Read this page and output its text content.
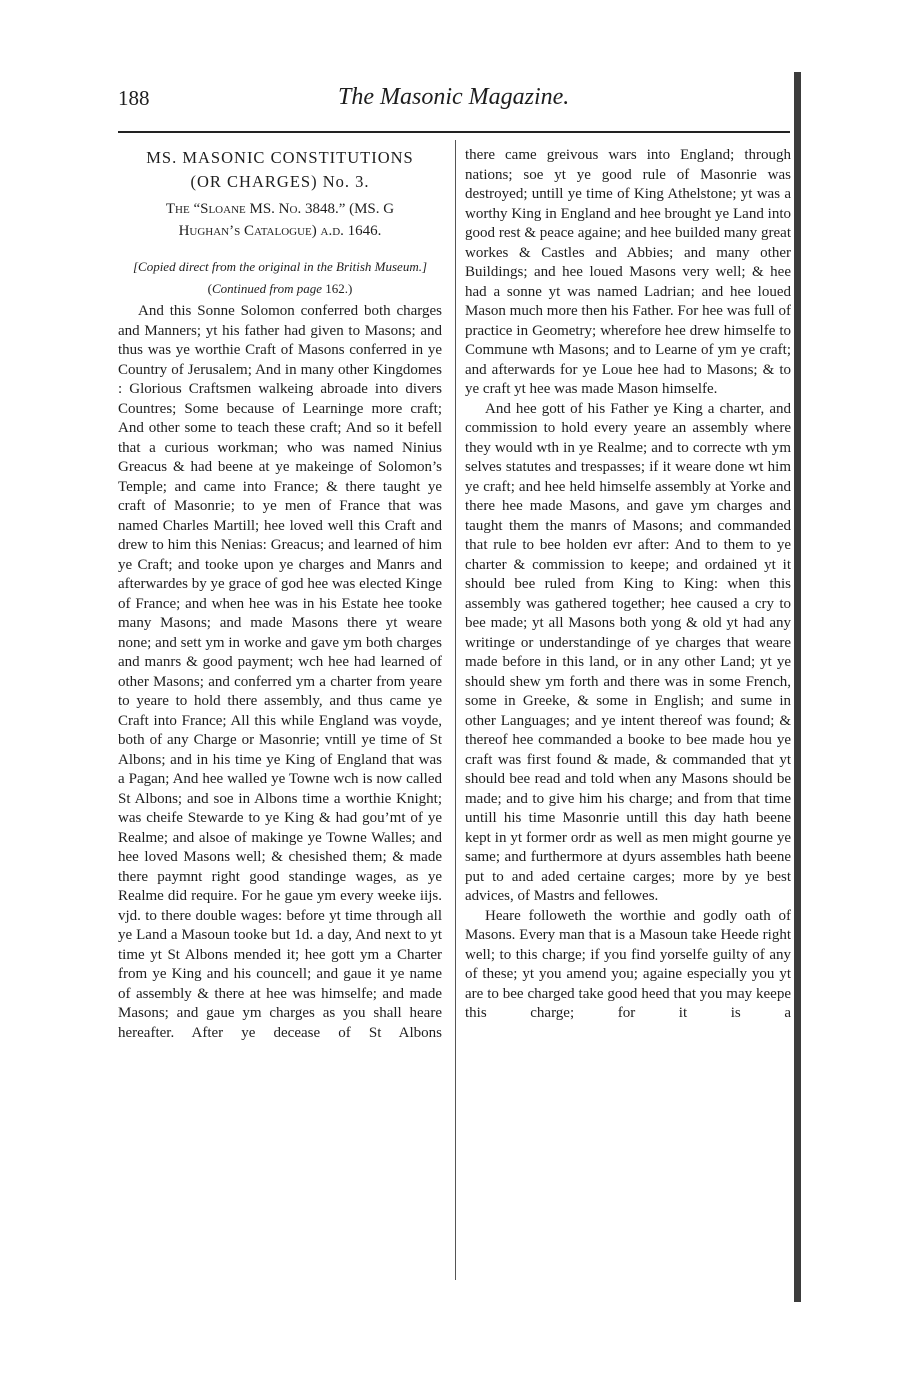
188	The Masonic Magazine.
MS. MASONIC CONSTITUTIONS
(OR CHARGES) No. 3.

The “Sloane MS. No. 3848.” (MS. G
Hughan’s Catalogue) a.d. 1646.

[Copied direct from the original in the British Museum.]

(Continued from page 162.)

And this Sonne Solomon conferred both charges and Manners; yt his father had given to Masons; and thus was ye worthie Craft of Masons conferred in ye Country of Jerusalem; And in many other Kingdomes : Glorious Craftsmen walkeing abroade into divers Countres; Some because of Learninge more craft; And other some to teach these craft; And so it befell that a curious workman; who was named Ninius Greacus & had beene at ye makeinge of Solomon’s Temple; and came into France; & there taught ye craft of Masonrie; to ye men of France that was named Charles Martill; hee loved well this Craft and drew to him this Nenias: Greacus; and learned of him ye Craft; and tooke upon ye charges and Manrs and afterwardes by ye grace of god hee was elected Kinge of France; and when hee was in his Estate hee tooke many Masons; and made Masons there yt weare none; and sett ym in worke and gave ym both charges and manrs & good payment; wch hee had learned of other Masons; and conferred ym a charter from yeare to yeare to hold there assembly, and thus came ye Craft into France; All this while England was voyde, both of any Charge or Masonrie; vntill ye time of St Albons; and in his time ye King of England that was a Pagan; And hee walled ye Towne wch is now called St Albons; and soe in Albons time a worthie Knight; was cheife Stewarde to ye King & had gou’mt of ye Realme; and alsoe of makinge ye Towne Walles; and hee loved Masons well; & chesished them; & made there paymnt right good standinge wages, as ye Realme did require. For he gaue ym every weeke iijs. vjd. to there double wages: before yt time through all ye Land a Masoun tooke but 1d. a day, And next to yt time yt St Albons mended it; hee gott ym a Charter from ye King and his councell; and gaue it ye name of assembly & there at hee was himselfe; and made Masons; and gaue ym charges as you shall heare hereafter. After ye decease of St Albons

there came greivous wars into England; through nations; soe yt ye good rule of Masonrie was destroyed; untill ye time of King Athelstone; yt was a worthy King in England and hee brought ye Land into good rest & peace againe; and hee builded many great workes & Castles and Abbies; and many other Buildings; and hee loued Masons very well; & hee had a sonne yt was named Ladrian; and hee loued Mason much more then his Father. For hee was full of practice in Geometry; wherefore hee drew himselfe to Commune wth Masons; and to Learne of ym ye craft; and afterwards for ye Loue hee had to Masons; & to ye craft yt hee was made Mason himselfe.

And hee gott of his Father ye King a charter, and commission to hold every yeare an assembly where they would wth in ye Realme; and to correcte wth ym selves statutes and trespasses; if it weare done wt him ye craft; and hee held himselfe assembly at Yorke and there hee made Masons, and gave ym charges and taught them the manrs of Masons; and commanded that rule to bee holden evr after: And to them to ye charter & commission to keepe; and ordained yt it should bee ruled from King to King: when this assembly was gathered together; hee caused a cry to bee made; yt all Masons both yong & old yt had any writinge or understandinge of ye charges that weare made before in this land, or in any other Land; yt ye should shew ym forth and there was in some French, some in Greeke, & some in English; and sume in other Languages; and ye intent thereof was found; & thereof hee commanded a booke to bee made hou ye craft was first found & made, & commanded that yt should bee read and told when any Masons should be made; and to give him his charge; and from that time untill his time Masonrie untill this day hath beene kept in yt former ordr as well as men might gourne ye same; and furthermore at dyurs assembles hath beene put to and aded certaine carges; more by ye best advices, of Mastrs and fellowes.

Heare followeth the worthie and godly oath of Masons. Every man that is a Masoun take Heede right well; to this charge; if you find yorselfe guilty of any of these; yt you amend you; againe especially you yt are to bee charged take good heed that you may keepe this charge; for it is a
